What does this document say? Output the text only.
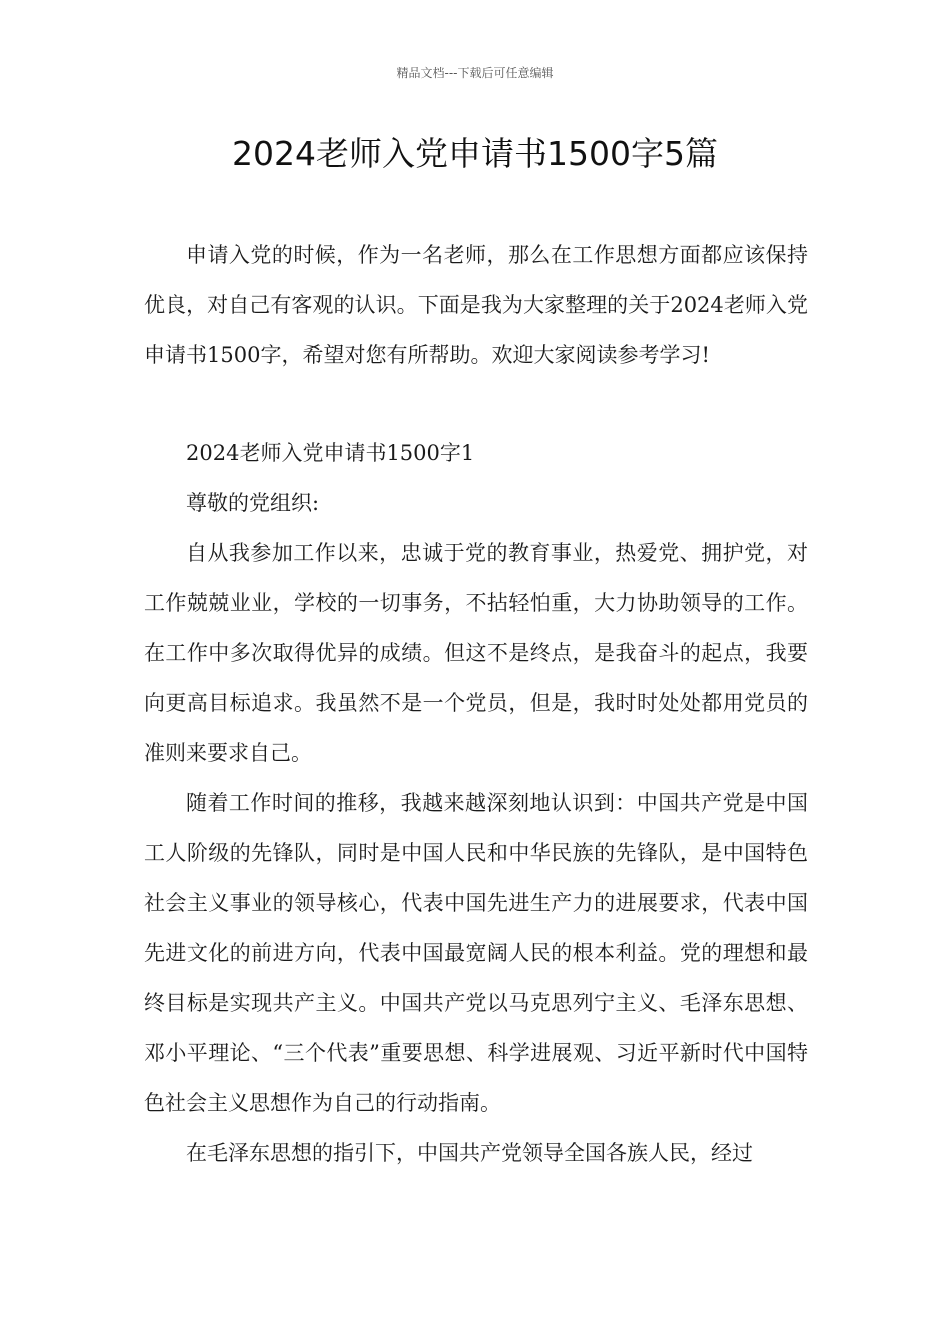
精品文档---下载后可任意编辑
2024老师入党申请书1500字5篇

申请入党的时候，作为一名老师，那么在工作思想方面都应该保持优良，对自己有客观的认识。下面是我为大家整理的关于2024老师入党申请书1500字，希望对您有所帮助。欢迎大家阅读参考学习!

2024老师入党申请书1500字1

尊敬的党组织:

自从我参加工作以来，忠诚于党的教育事业，热爱党、拥护党，对工作兢兢业业，学校的一切事务，不拈轻怕重，大力协助领导的工作。在工作中多次取得优异的成绩。但这不是终点，是我奋斗的起点，我要向更高目标追求。我虽然不是一个党员，但是，我时时处处都用党员的准则来要求自己。

随着工作时间的推移，我越来越深刻地认识到：中国共产党是中国工人阶级的先锋队，同时是中国人民和中华民族的先锋队，是中国特色社会主义事业的领导核心，代表中国先进生产力的进展要求，代表中国先进文化的前进方向，代表中国最宽阔人民的根本利益。党的理想和最终目标是实现共产主义。中国共产党以马克思列宁主义、毛泽东思想、邓小平理论、“三个代表”重要思想、科学进展观、习近平新时代中国特色社会主义思想作为自己的行动指南。

在毛泽东思想的指引下，中国共产党领导全国各族人民，经过
